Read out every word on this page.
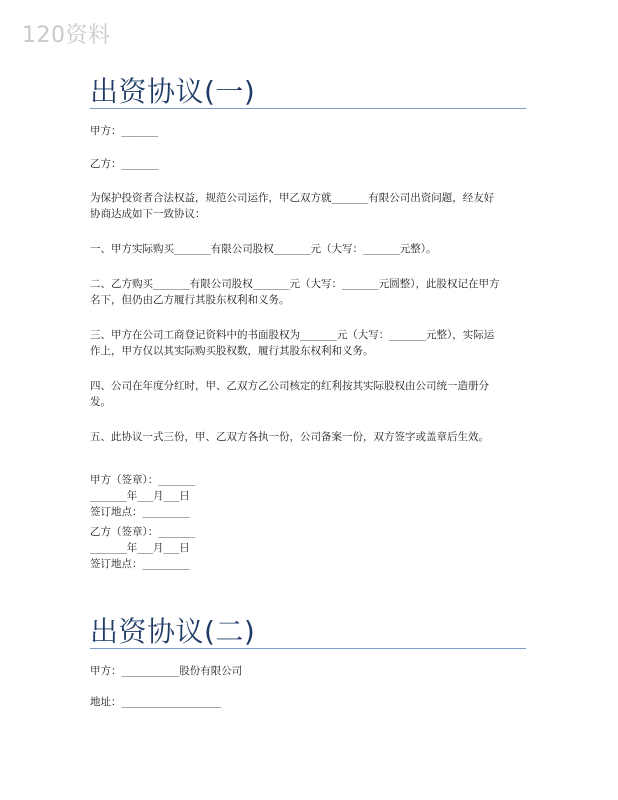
120资料
出资协议(一)
甲方：_______
乙方：_______
为保护投资者合法权益，规范公司运作，甲乙双方就_______有限公司出资问题，经友好
协商达成如下一致协议：
一、甲方实际购买_______有限公司股权_______元（大写：_______元整）。
二、乙方购买_______有限公司股权_______元（大写：_______元圆整），此股权记在甲方
名下，但仍由乙方履行其股东权利和义务。
三、甲方在公司工商登记资料中的书面股权为_______元（大写：_______元整），实际运
作上，甲方仅以其实际购买股权数，履行其股东权利和义务。
四、公司在年度分红时，甲、乙双方乙公司核定的红利按其实际股权由公司统一造册分
发。
五、此协议一式三份，甲、乙双方各执一份，公司备案一份，双方签字或盖章后生效。
甲方（签章）：_______
_______年___月___日
签订地点：_________
乙方（签章）：_______
_______年___月___日
签订地点：_________
出资协议(二)
甲方：___________股份有限公司
地址：___________________
